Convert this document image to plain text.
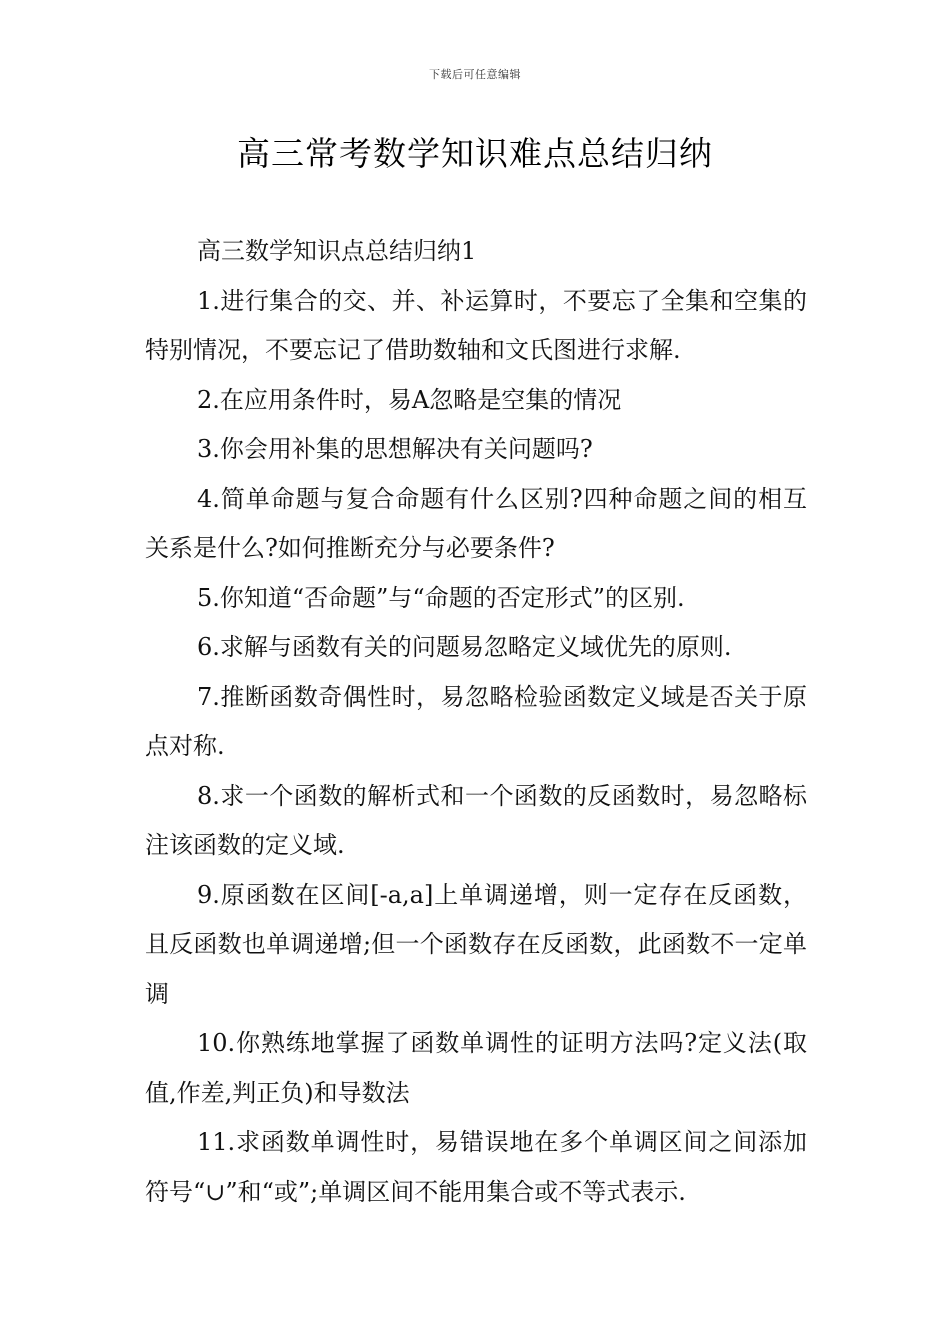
下载后可任意编辑
高三常考数学知识难点总结归纳

高三数学知识点总结归纳1

1.进行集合的交、并、补运算时，不要忘了全集和空集的特别情况，不要忘记了借助数轴和文氏图进行求解.

2.在应用条件时，易A忽略是空集的情况

3.你会用补集的思想解决有关问题吗?

4.简单命题与复合命题有什么区别?四种命题之间的相互关系是什么?如何推断充分与必要条件?

5.你知道“否命题”与“命题的否定形式”的区别.

6.求解与函数有关的问题易忽略定义域优先的原则.

7.推断函数奇偶性时，易忽略检验函数定义域是否关于原点对称.

8.求一个函数的解析式和一个函数的反函数时，易忽略标注该函数的定义域.

9.原函数在区间[-a,a]上单调递增，则一定存在反函数，且反函数也单调递增;但一个函数存在反函数，此函数不一定单调

10.你熟练地掌握了函数单调性的证明方法吗?定义法(取值,作差,判正负)和导数法

11.求函数单调性时，易错误地在多个单调区间之间添加符号“∪”和“或”;单调区间不能用集合或不等式表示.
